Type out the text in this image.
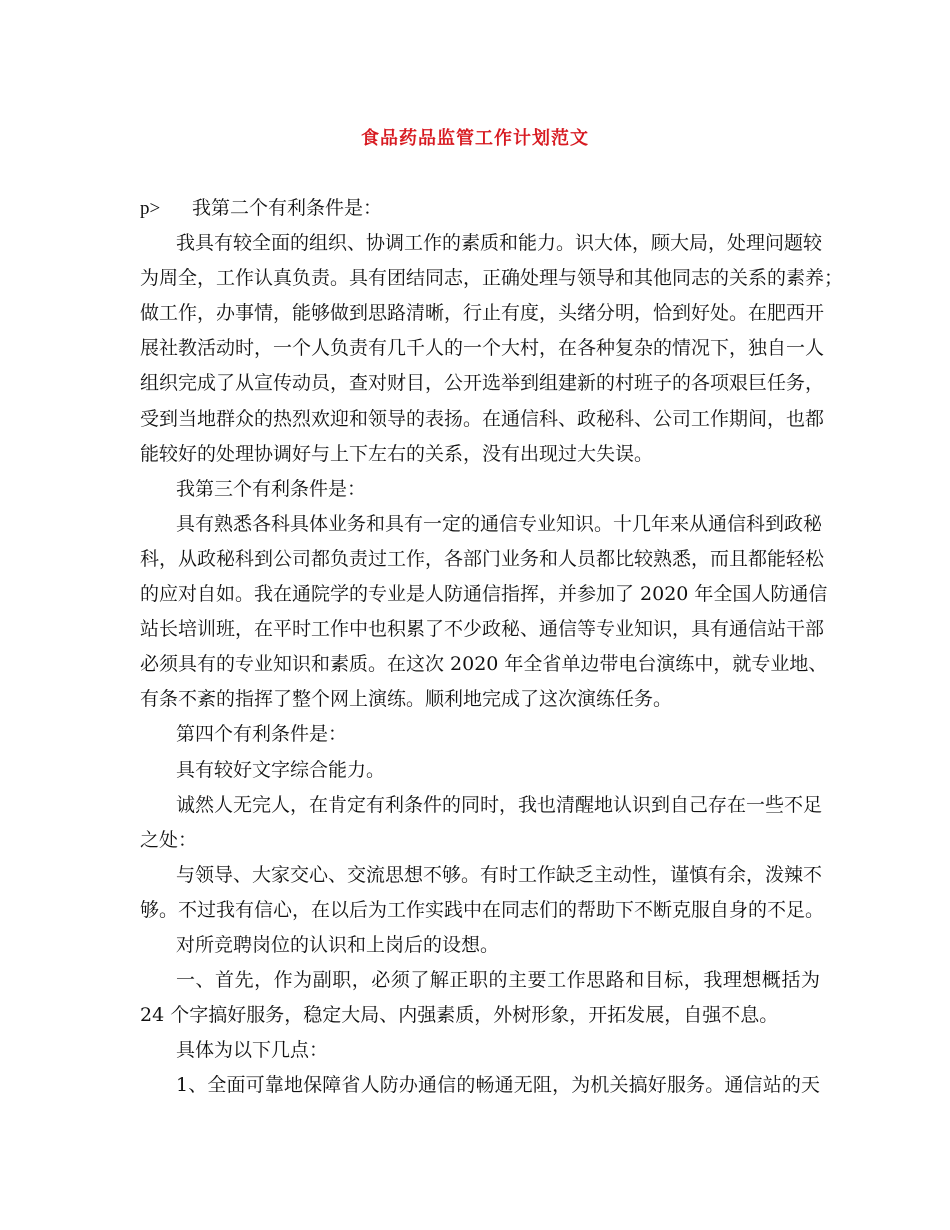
食品药品监管工作计划范文
p> 我第二个有利条件是：
我具有较全面的组织、协调工作的素质和能力。识大体，顾大局，处理问题较
为周全，工作认真负责。具有团结同志，正确处理与领导和其他同志的关系的素养；
做工作，办事情，能够做到思路清晰，行止有度，头绪分明，恰到好处。在肥西开
展社教活动时，一个人负责有几千人的一个大村，在各种复杂的情况下，独自一人
组织完成了从宣传动员，查对财目，公开选举到组建新的村班子的各项艰巨任务，
受到当地群众的热烈欢迎和领导的表扬。在通信科、政秘科、公司工作期间，也都
能较好的处理协调好与上下左右的关系，没有出现过大失误。
我第三个有利条件是：
具有熟悉各科具体业务和具有一定的通信专业知识。十几年来从通信科到政秘
科，从政秘科到公司都负责过工作，各部门业务和人员都比较熟悉，而且都能轻松
的应对自如。我在通院学的专业是人防通信指挥，并参加了 2020 年全国人防通信
站长培训班，在平时工作中也积累了不少政秘、通信等专业知识，具有通信站干部
必须具有的专业知识和素质。在这次 2020 年全省单边带电台演练中，就专业地、
有条不紊的指挥了整个网上演练。顺利地完成了这次演练任务。
第四个有利条件是：
具有较好文字综合能力。
诚然人无完人，在肯定有利条件的同时，我也清醒地认识到自己存在一些不足
之处：
与领导、大家交心、交流思想不够。有时工作缺乏主动性，谨慎有余，泼辣不
够。不过我有信心，在以后为工作实践中在同志们的帮助下不断克服自身的不足。
对所竞聘岗位的认识和上岗后的设想。
一、首先，作为副职，必须了解正职的主要工作思路和目标，我理想概括为
24 个字搞好服务，稳定大局、内强素质，外树形象，开拓发展，自强不息。
具体为以下几点：
1、全面可靠地保障省人防办通信的畅通无阻，为机关搞好服务。通信站的天
